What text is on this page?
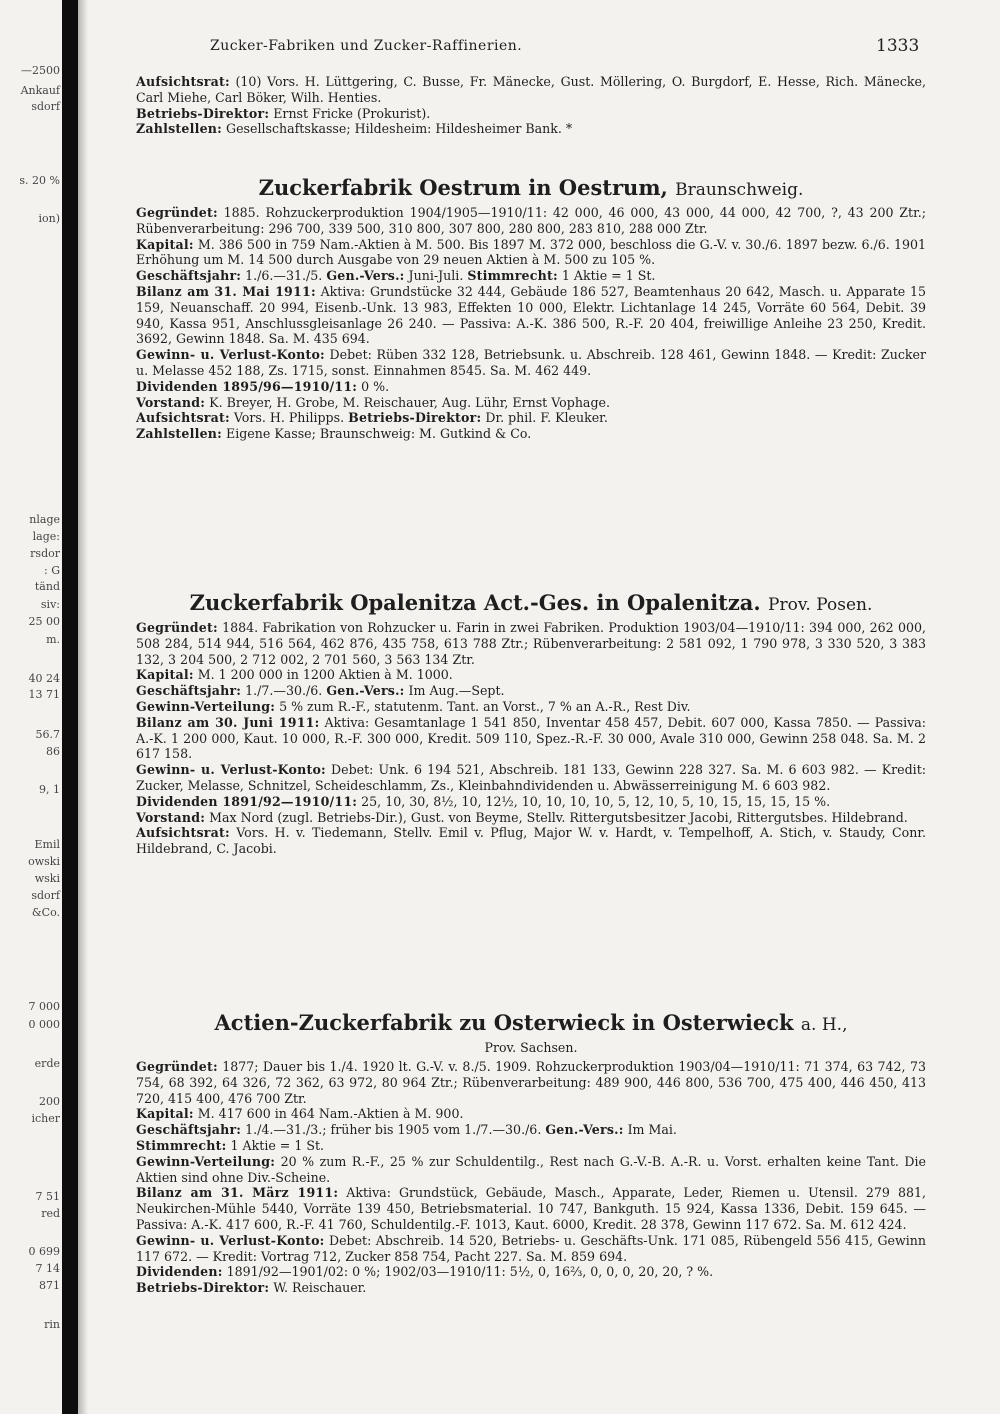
—2500
Ankauf
sdorf
s. 20 %
ion)
nlage
lage:
rsdor
: G
tänd
siv:
25 00
m.
40 24
13 71
56.7
86
9, 1
Emil
owski
wski
sdorf
&Co.
7 000
0 000
erde
200
icher
7 51
red
0 699
7 14
871
rin
Zucker-Fabriken und Zucker-Raffinerien.	1333

Aufsichtsrat: (10) Vors. H. Lüttgering, C. Busse, Fr. Mänecke, Gust. Möllering, O. Burgdorf, E. Hesse, Rich. Mänecke, Carl Miehe, Carl Böker, Wilh. Henties.

Betriebs-Direktor: Ernst Fricke (Prokurist).

Zahlstellen: Gesellschaftskasse; Hildesheim: Hildesheimer Bank. *

Zuckerfabrik Oestrum in Oestrum, Braunschweig.

Gegründet: 1885. Rohzuckerproduktion 1904/1905—1910/11: 42 000, 46 000, 43 000, 44 000, 42 700, ?, 43 200 Ztr.; Rübenverarbeitung: 296 700, 339 500, 310 800, 307 800, 280 800, 283 810, 288 000 Ztr.

Kapital: M. 386 500 in 759 Nam.-Aktien à M. 500. Bis 1897 M. 372 000, beschloss die G.-V. v. 30./6. 1897 bezw. 6./6. 1901 Erhöhung um M. 14 500 durch Ausgabe von 29 neuen Aktien à M. 500 zu 105 %.

Geschäftsjahr: 1./6.—31./5. Gen.-Vers.: Juni-Juli. Stimmrecht: 1 Aktie = 1 St.

Bilanz am 31. Mai 1911: Aktiva: Grundstücke 32 444, Gebäude 186 527, Beamtenhaus 20 642, Masch. u. Apparate 15 159, Neuanschaff. 20 994, Eisenb.-Unk. 13 983, Effekten 10 000, Elektr. Lichtanlage 14 245, Vorräte 60 564, Debit. 39 940, Kassa 951, Anschlussgleisanlage 26 240. — Passiva: A.-K. 386 500, R.-F. 20 404, freiwillige Anleihe 23 250, Kredit. 3692, Gewinn 1848. Sa. M. 435 694.

Gewinn- u. Verlust-Konto: Debet: Rüben 332 128, Betriebsunk. u. Abschreib. 128 461, Gewinn 1848. — Kredit: Zucker u. Melasse 452 188, Zs. 1715, sonst. Einnahmen 8545. Sa. M. 462 449.

Dividenden 1895/96—1910/11: 0 %.

Vorstand: K. Breyer, H. Grobe, M. Reischauer, Aug. Lühr, Ernst Vophage.

Aufsichtsrat: Vors. H. Philipps. Betriebs-Direktor: Dr. phil. F. Kleuker.

Zahlstellen: Eigene Kasse; Braunschweig: M. Gutkind & Co.

Zuckerfabrik Opalenitza Act.-Ges. in Opalenitza. Prov. Posen.

Gegründet: 1884. Fabrikation von Rohzucker u. Farin in zwei Fabriken. Produktion 1903/04—1910/11: 394 000, 262 000, 508 284, 514 944, 516 564, 462 876, 435 758, 613 788 Ztr.; Rübenverarbeitung: 2 581 092, 1 790 978, 3 330 520, 3 383 132, 3 204 500, 2 712 002, 2 701 560, 3 563 134 Ztr.

Kapital: M. 1 200 000 in 1200 Aktien à M. 1000.

Geschäftsjahr: 1./7.—30./6. Gen.-Vers.: Im Aug.—Sept.

Gewinn-Verteilung: 5 % zum R.-F., statutenm. Tant. an Vorst., 7 % an A.-R., Rest Div.

Bilanz am 30. Juni 1911: Aktiva: Gesamtanlage 1 541 850, Inventar 458 457, Debit. 607 000, Kassa 7850. — Passiva: A.-K. 1 200 000, Kaut. 10 000, R.-F. 300 000, Kredit. 509 110, Spez.-R.-F. 30 000, Avale 310 000, Gewinn 258 048. Sa. M. 2 617 158.

Gewinn- u. Verlust-Konto: Debet: Unk. 6 194 521, Abschreib. 181 133, Gewinn 228 327. Sa. M. 6 603 982. — Kredit: Zucker, Melasse, Schnitzel, Scheideschlamm, Zs., Kleinbahndividenden u. Abwässerreinigung M. 6 603 982.

Dividenden 1891/92—1910/11: 25, 10, 30, 8½, 10, 12½, 10, 10, 10, 10, 5, 12, 10, 5, 10, 15, 15, 15, 15 %.

Vorstand: Max Nord (zugl. Betriebs-Dir.), Gust. von Beyme, Stellv. Rittergutsbesitzer Jacobi, Rittergutsbes. Hildebrand.

Aufsichtsrat: Vors. H. v. Tiedemann, Stellv. Emil v. Pflug, Major W. v. Hardt, v. Tempelhoff, A. Stich, v. Staudy, Conr. Hildebrand, C. Jacobi.

Actien-Zuckerfabrik zu Osterwieck in Osterwieck a. H.,

Prov. Sachsen.

Gegründet: 1877; Dauer bis 1./4. 1920 lt. G.-V. v. 8./5. 1909. Rohzuckerproduktion 1903/04—1910/11: 71 374, 63 742, 73 754, 68 392, 64 326, 72 362, 63 972, 80 964 Ztr.; Rübenverarbeitung: 489 900, 446 800, 536 700, 475 400, 446 450, 413 720, 415 400, 476 700 Ztr.

Kapital: M. 417 600 in 464 Nam.-Aktien à M. 900.

Geschäftsjahr: 1./4.—31./3.; früher bis 1905 vom 1./7.—30./6. Gen.-Vers.: Im Mai.

Stimmrecht: 1 Aktie = 1 St.

Gewinn-Verteilung: 20 % zum R.-F., 25 % zur Schuldentilg., Rest nach G.-V.-B. A.-R. u. Vorst. erhalten keine Tant. Die Aktien sind ohne Div.-Scheine.

Bilanz am 31. März 1911: Aktiva: Grundstück, Gebäude, Masch., Apparate, Leder, Riemen u. Utensil. 279 881, Neukirchen-Mühle 5440, Vorräte 139 450, Betriebsmaterial. 10 747, Bankguth. 15 924, Kassa 1336, Debit. 159 645. — Passiva: A.-K. 417 600, R.-F. 41 760, Schuldentilg.-F. 1013, Kaut. 6000, Kredit. 28 378, Gewinn 117 672. Sa. M. 612 424.

Gewinn- u. Verlust-Konto: Debet: Abschreib. 14 520, Betriebs- u. Geschäfts-Unk. 171 085, Rübengeld 556 415, Gewinn 117 672. — Kredit: Vortrag 712, Zucker 858 754, Pacht 227. Sa. M. 859 694.

Dividenden: 1891/92—1901/02: 0 %; 1902/03—1910/11: 5½, 0, 16⅔, 0, 0, 0, 20, 20, ? %.

Betriebs-Direktor: W. Reischauer.
